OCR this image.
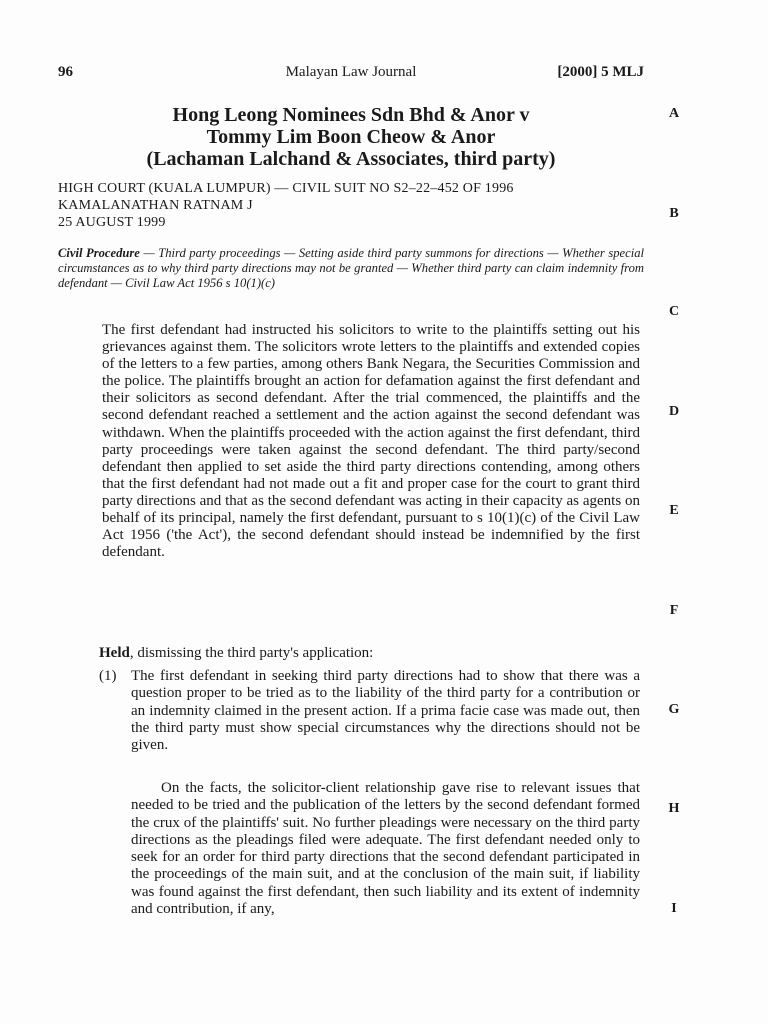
96	Malayan Law Journal	[2000] 5 MLJ
Hong Leong Nominees Sdn Bhd & Anor v
Tommy Lim Boon Cheow & Anor
(Lachaman Lalchand & Associates, third party)
HIGH COURT (KUALA LUMPUR) — CIVIL SUIT NO S2–22–452 OF 1996
KAMALANATHAN RATNAM J
25 AUGUST 1999
Civil Procedure — Third party proceedings — Setting aside third party summons for directions — Whether special circumstances as to why third party directions may not be granted — Whether third party can claim indemnity from defendant — Civil Law Act 1956 s 10(1)(c)
The first defendant had instructed his solicitors to write to the plaintiffs setting out his grievances against them. The solicitors wrote letters to the plaintiffs and extended copies of the letters to a few parties, among others Bank Negara, the Securities Commission and the police. The plaintiffs brought an action for defamation against the first defendant and their solicitors as second defendant. After the trial commenced, the plaintiffs and the second defendant reached a settlement and the action against the second defendant was withdawn. When the plaintiffs proceeded with the action against the first defendant, third party proceedings were taken against the second defendant. The third party/second defendant then applied to set aside the third party directions contending, among others that the first defendant had not made out a fit and proper case for the court to grant third party directions and that as the second defendant was acting in their capacity as agents on behalf of its principal, namely the first defendant, pursuant to s 10(1)(c) of the Civil Law Act 1956 ('the Act'), the second defendant should instead be indemnified by the first defendant.
Held, dismissing the third party's application:
(1) The first defendant in seeking third party directions had to show that there was a question proper to be tried as to the liability of the third party for a contribution or an indemnity claimed in the present action. If a prima facie case was made out, then the third party must show special circumstances why the directions should not be given.
On the facts, the solicitor-client relationship gave rise to relevant issues that needed to be tried and the publication of the letters by the second defendant formed the crux of the plaintiffs' suit. No further pleadings were necessary on the third party directions as the pleadings filed were adequate. The first defendant needed only to seek for an order for third party directions that the second defendant participated in the proceedings of the main suit, and at the conclusion of the main suit, if liability was found against the first defendant, then such liability and its extent of indemnity and contribution, if any,
A
B
C
D
E
F
G
H
I
